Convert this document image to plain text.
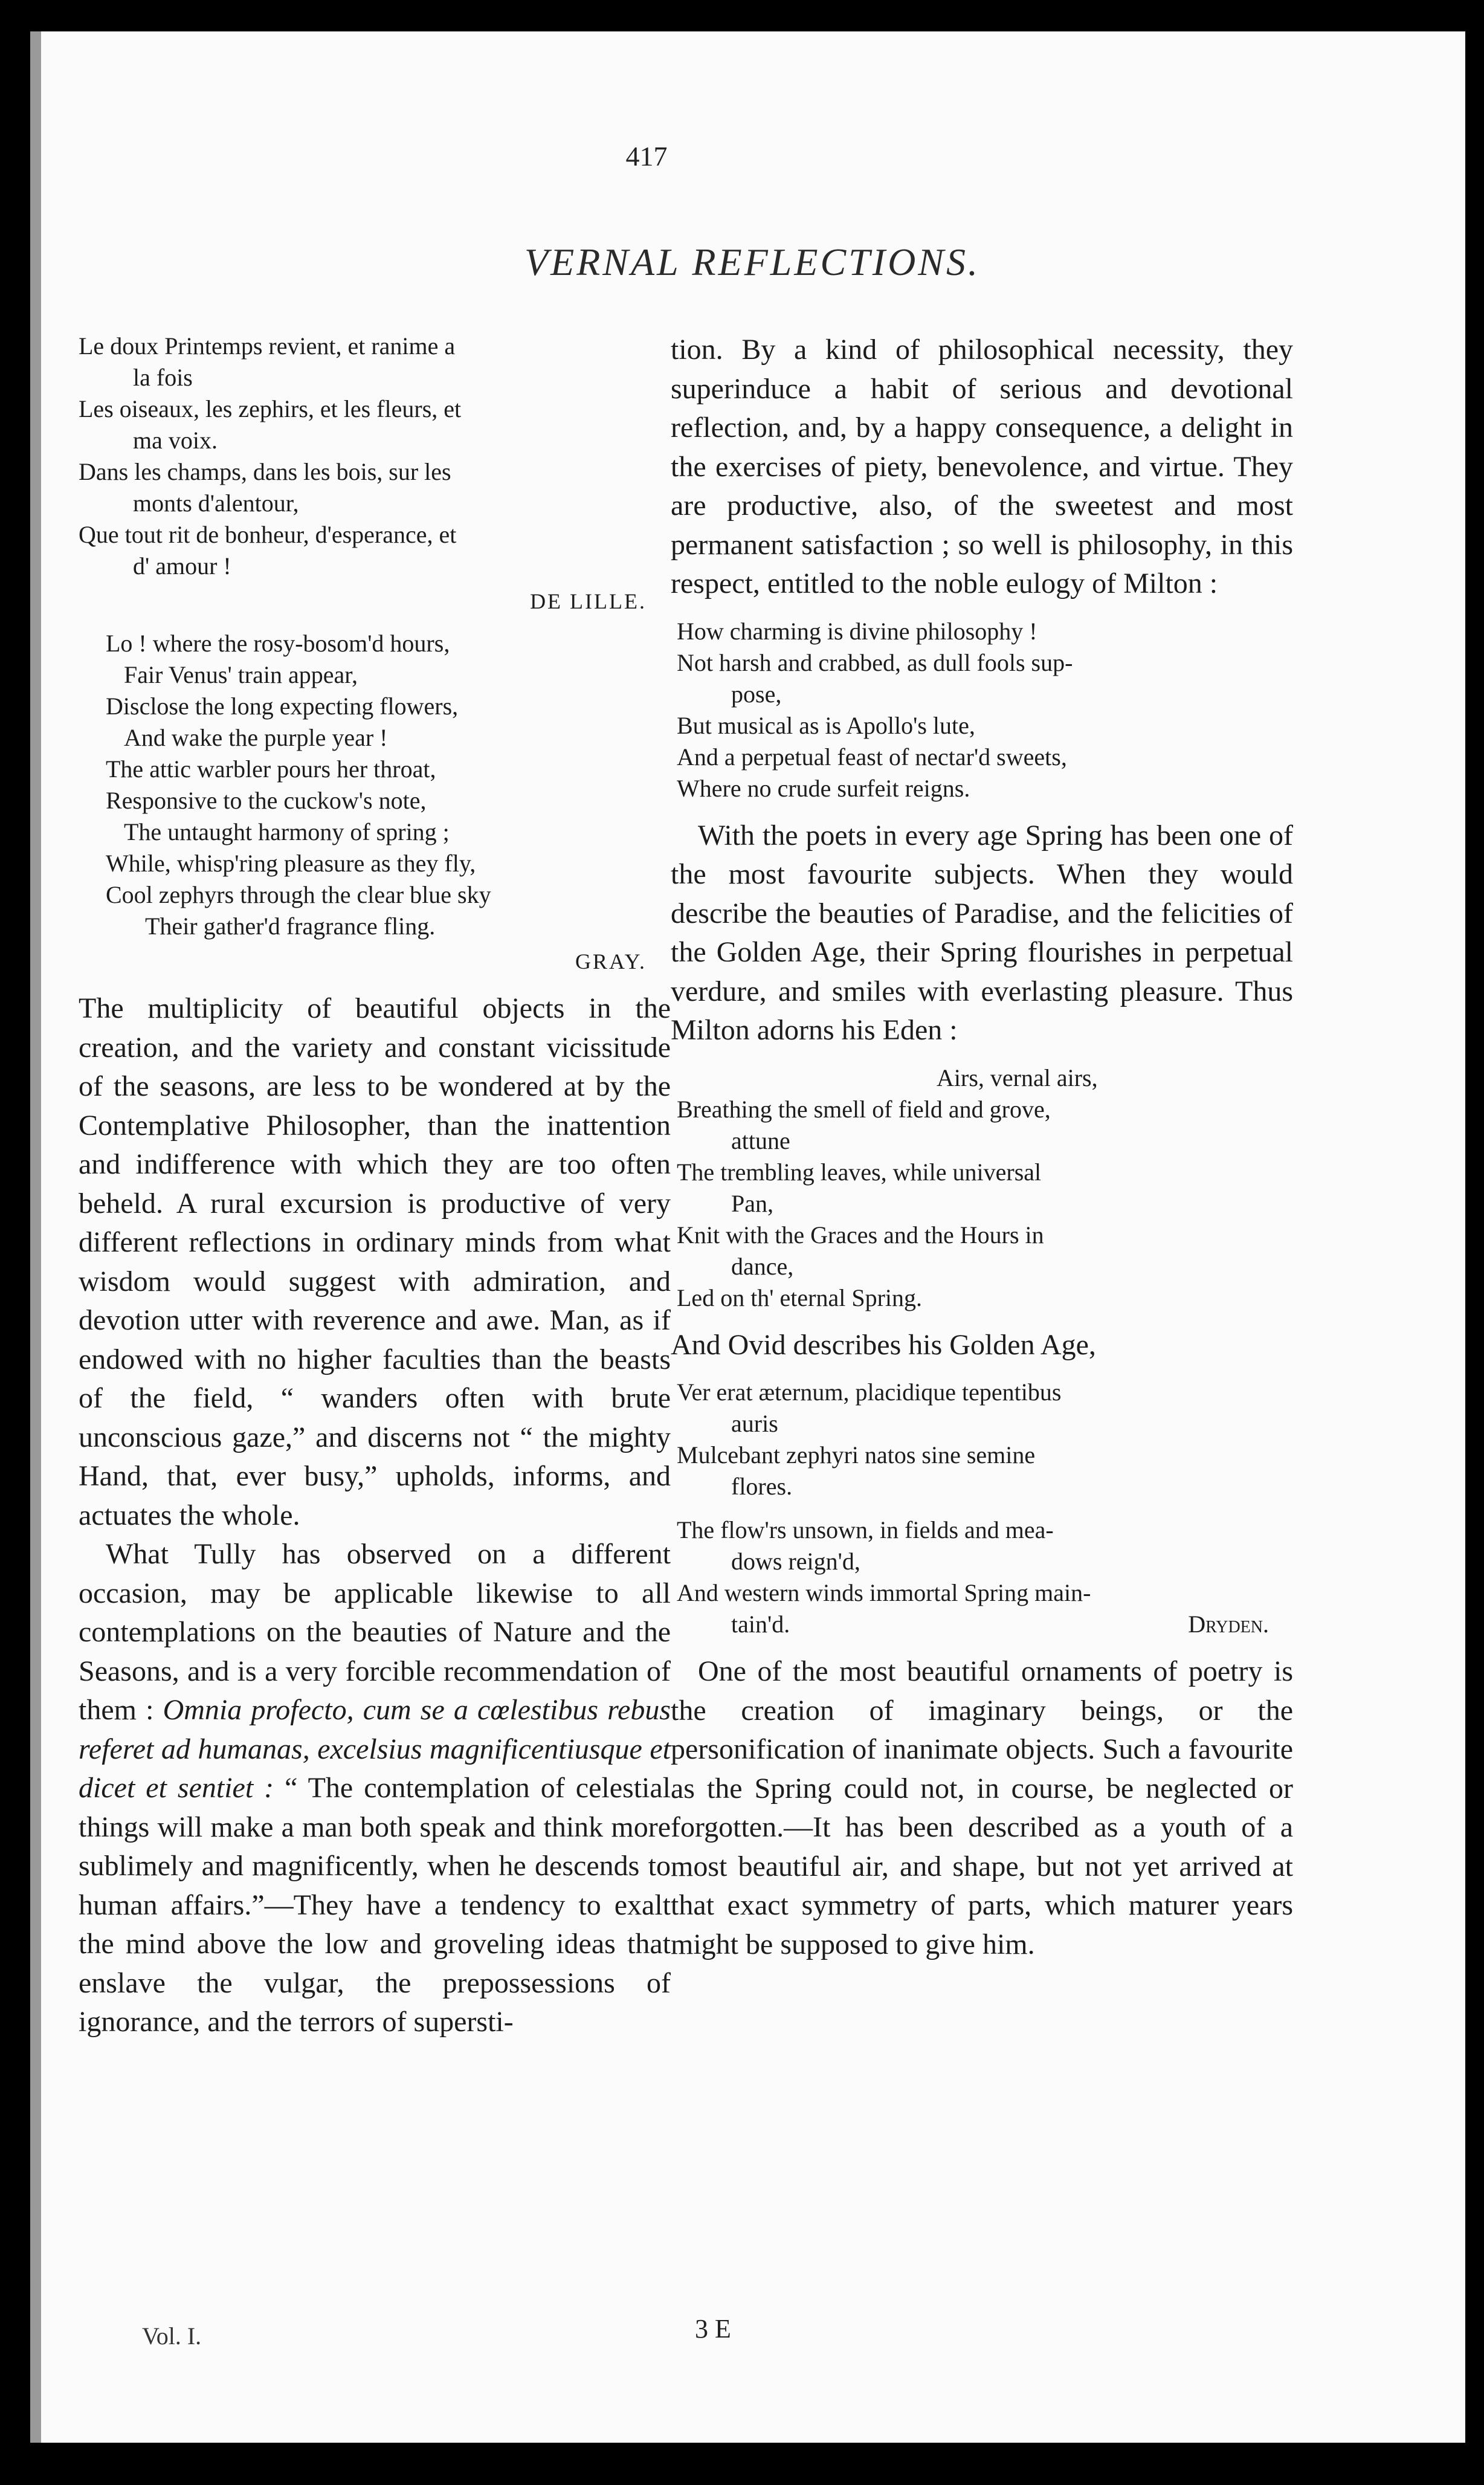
417
VERNAL REFLECTIONS.
Le doux Printemps revient, et ranime a
la fois
Les oiseaux, les zephirs, et les fleurs, et
ma voix.
Dans les champs, dans les bois, sur les
monts d'alentour,
Que tout rit de bonheur, d'esperance, et
d' amour !
DE LILLE.
Lo ! where the rosy-bosom'd hours,
Fair Venus' train appear,
Disclose the long expecting flowers,
And wake the purple year !
The attic warbler pours her throat,
Responsive to the cuckow's note,
The untaught harmony of spring ;
While, whisp'ring pleasure as they fly,
Cool zephyrs through the clear blue sky
Their gather'd fragrance fling.
GRAY.

The multiplicity of beautiful objects in the creation, and the variety and constant vicissitude of the seasons, are less to be wondered at by the Contemplative Philosopher, than the inattention and indifference with which they are too often beheld. A rural excursion is productive of very different reflections in ordinary minds from what wisdom would suggest with admiration, and devotion utter with reverence and awe. Man, as if endowed with no higher faculties than the beasts of the field, “ wanders often with brute unconscious gaze,” and discerns not “ the mighty Hand, that, ever busy,” upholds, informs, and actuates the whole.

What Tully has observed on a different occasion, may be applicable likewise to all contemplations on the beauties of Nature and the Seasons, and is a very forcible recommendation of them : Omnia profecto, cum se a cœlestibus rebus referet ad humanas, excelsius magnificentiusque et dicet et sentiet : “ The contemplation of celestial things will make a man both speak and think more sublimely and magnificently, when he descends to human affairs.”—They have a tendency to exalt the mind above the low and groveling ideas that enslave the vulgar, the prepossessions of ignorance, and the terrors of supersti-

tion. By a kind of philosophical necessity, they superinduce a habit of serious and devotional reflection, and, by a happy consequence, a delight in the exercises of piety, benevolence, and virtue. They are productive, also, of the sweetest and most permanent satisfaction ; so well is philosophy, in this respect, entitled to the noble eulogy of Milton :

How charming is divine philosophy !
Not harsh and crabbed, as dull fools sup-
pose,
But musical as is Apollo's lute,
And a perpetual feast of nectar'd sweets,
Where no crude surfeit reigns.

With the poets in every age Spring has been one of the most favourite subjects. When they would describe the beauties of Paradise, and the felicities of the Golden Age, their Spring flourishes in perpetual verdure, and smiles with everlasting pleasure. Thus Milton adorns his Eden :

Airs, vernal airs,
Breathing the smell of field and grove,
attune
The trembling leaves, while universal
Pan,
Knit with the Graces and the Hours in
dance,
Led on th' eternal Spring.

And Ovid describes his Golden Age,

Ver erat æternum, placidique tepentibus
auris
Mulcebant zephyri natos sine semine
flores.
The flow'rs unsown, in fields and mea-
dows reign'd,
And western winds immortal Spring main-
tain'd.	Dryden.

One of the most beautiful ornaments of poetry is the creation of imaginary beings, or the personification of inanimate objects. Such a favourite as the Spring could not, in course, be neglected or forgotten.—It has been described as a youth of a most beautiful air, and shape, but not yet arrived at that exact symmetry of parts, which maturer years might be supposed to give him.

Vol. I.	3 E
